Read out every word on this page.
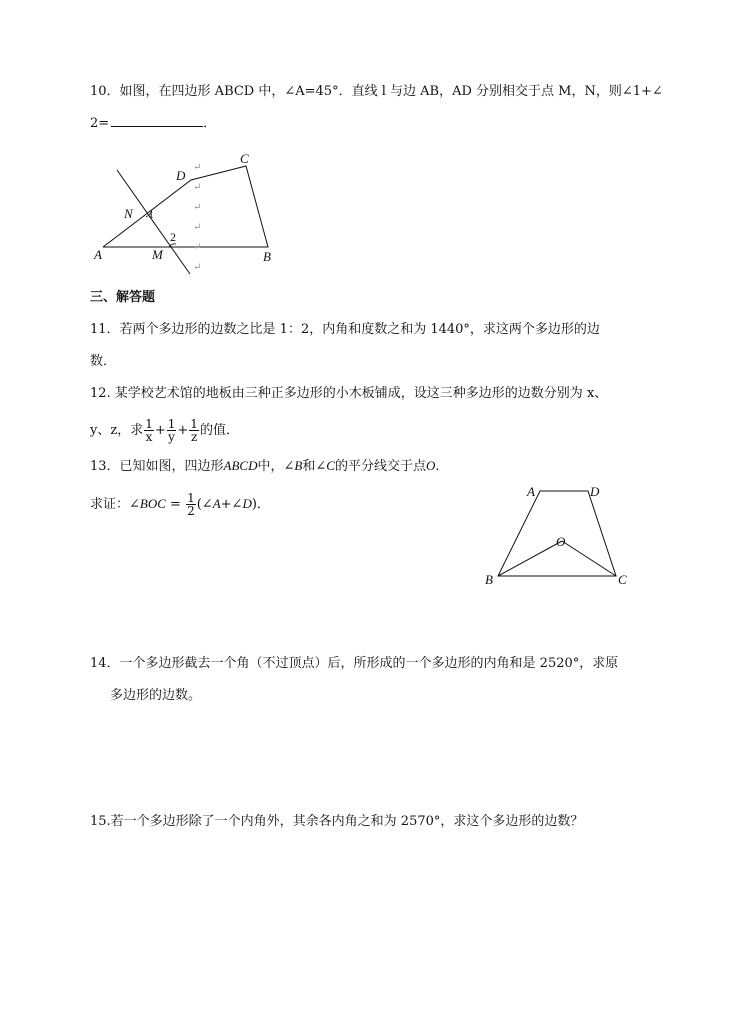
10．如图，在四边形 ABCD 中，∠A=45°．直线 l 与边 AB，AD 分别相交于点 M，N，则∠1+∠
2=	．
↵
↵
↵
↵
↵
↵
A	B
C
D
N
M
1
2
三、解答题
11．若两个多边形的边数之比是 1：2，内角和度数之和为 1440°，求这两个多边形的边
数．
12. 某学校艺术馆的地板由三种正多边形的小木板铺成，设这三种多边形的边数分别为 x、
y、z，求 $\frac{1}{x} + \frac{1}{y} + \frac{1}{z}$ 的值．
13．已知如图，四边形ABCD中，∠B和∠C的平分线交于点O．
求证：∠BOC = $\frac{1}{2}$ (∠A+∠D)．
A	D
O
B	C
14．一个多边形截去一个角（不过顶点）后，所形成的一个多边形的内角和是 2520°，求原
多边形的边数。
15.若一个多边形除了一个内角外，其余各内角之和为 2570°，求这个多边形的边数？
